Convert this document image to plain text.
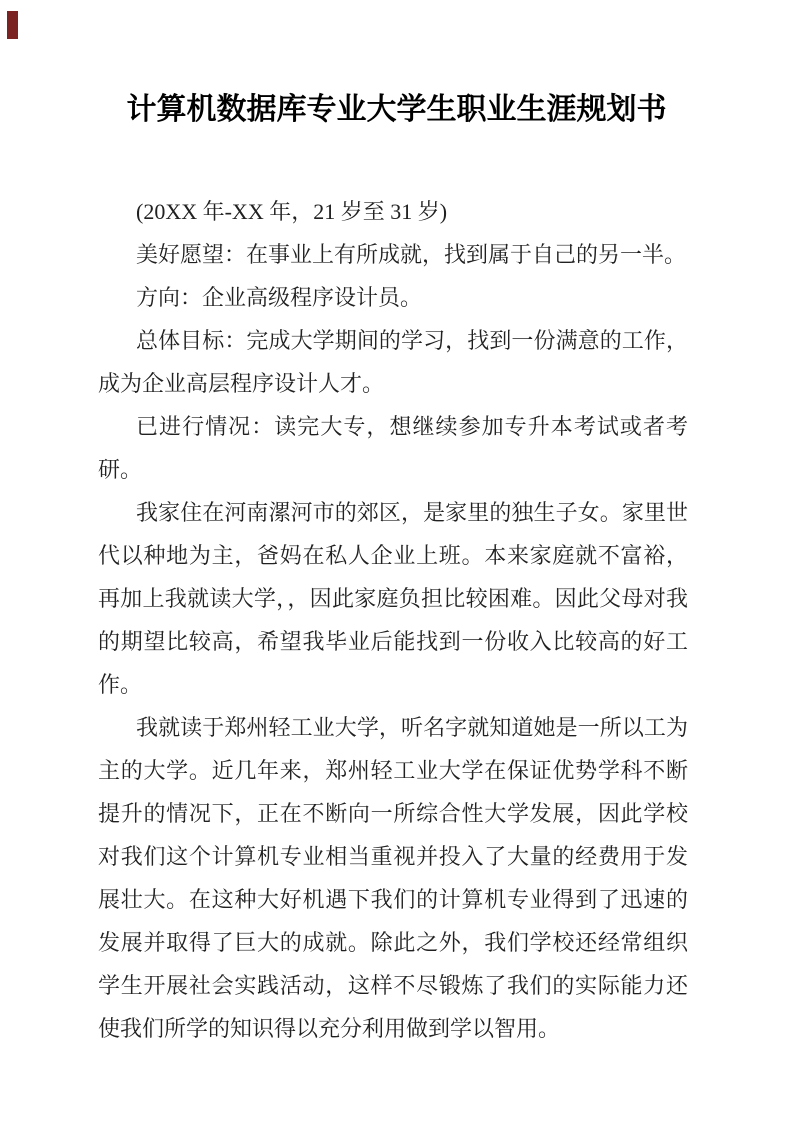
计算机数据库专业大学生职业生涯规划书

(20XX 年-XX 年，21 岁至 31 岁)

美好愿望：在事业上有所成就，找到属于自己的另一半。

方向：企业高级程序设计员。

总体目标：完成大学期间的学习，找到一份满意的工作，成为企业高层程序设计人才。

已进行情况：读完大专，想继续参加专升本考试或者考研。

我家住在河南漯河市的郊区，是家里的独生子女。家里世代以种地为主，爸妈在私人企业上班。本来家庭就不富裕，再加上我就读大学，，因此家庭负担比较困难。因此父母对我的期望比较高，希望我毕业后能找到一份收入比较高的好工作。

我就读于郑州轻工业大学，听名字就知道她是一所以工为主的大学。近几年来，郑州轻工业大学在保证优势学科不断提升的情况下，正在不断向一所综合性大学发展，因此学校对我们这个计算机专业相当重视并投入了大量的经费用于发展壮大。在这种大好机遇下我们的计算机专业得到了迅速的发展并取得了巨大的成就。除此之外，我们学校还经常组织学生开展社会实践活动，这样不尽锻炼了我们的实际能力还使我们所学的知识得以充分利用做到学以智用。
